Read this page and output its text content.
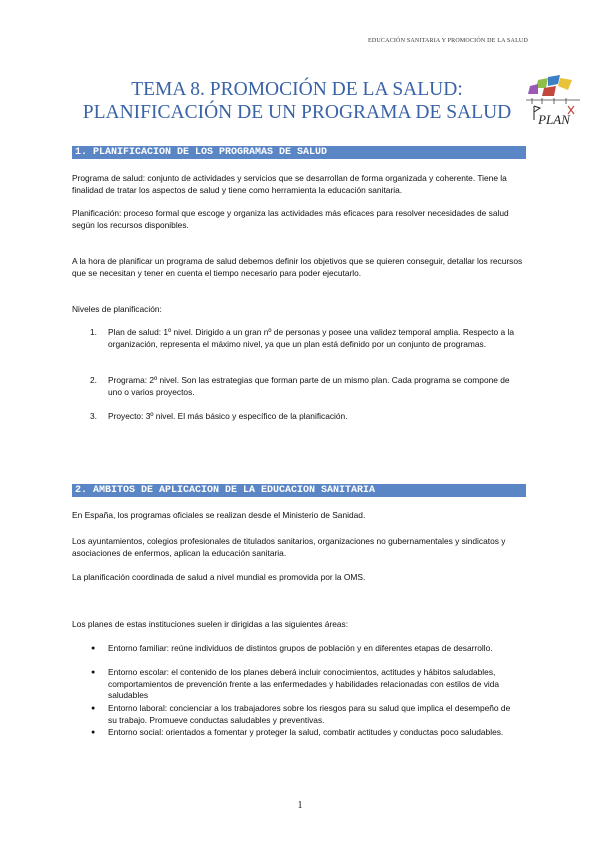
EDUCACIÓN SANITARIA Y PROMOCIÓN DE LA SALUD
TEMA 8. PROMOCIÓN DE LA SALUD:
PLANIFICACIÓN DE UN PROGRAMA DE SALUD	PLAN
1. PLANIFICACION DE LOS PROGRAMAS DE SALUD

Programa de salud: conjunto de actividades y servicios que se desarrollan de forma organizada y coherente. Tiene la finalidad de tratar los aspectos de salud y tiene como herramienta la educación sanitaria.

Planificación: proceso formal que escoge y organiza las actividades más eficaces para resolver necesidades de salud según los recursos disponibles.

A la hora de planificar un programa de salud debemos definir los objetivos que se quieren conseguir, detallar los recursos que se necesitan y tener en cuenta el tiempo necesario para poder ejecutarlo.

Niveles de planificación:

1. Plan de salud: 1º nivel. Dirigido a un gran nº de personas y posee una validez temporal amplia. Respecto a la organización, representa el máximo nivel, ya que un plan está definido por un conjunto de programas.

2. Programa: 2º nivel. Son las estrategias que forman parte de un mismo plan. Cada programa se compone de uno o varios proyectos.

3. Proyecto: 3º nivel. El más básico y específico de la planificación.

2. AMBITOS DE APLICACION DE LA EDUCACION SANITARIA

En España, los programas oficiales se realizan desde el Ministerio de Sanidad.

Los ayuntamientos, colegios profesionales de titulados sanitarios, organizaciones no gubernamentales y sindicatos y asociaciones de enfermos, aplican la educación sanitaria.

La planificación coordinada de salud a nivel mundial es promovida por la OMS.

Los planes de estas instituciones suelen ir dirigidas a las siguientes áreas:

● Entorno familiar: reúne individuos de distintos grupos de población y en diferentes etapas de desarrollo.

● Entorno escolar: el contenido de los planes deberá incluir conocimientos, actitudes y hábitos saludables, comportamientos de prevención frente a las enfermedades y habilidades relacionadas con estilos de vida saludables

● Entorno laboral: concienciar a los trabajadores sobre los riesgos para su salud que implica el desempeño de su trabajo. Promueve conductas saludables y preventivas.

● Entorno social: orientados a fomentar y proteger la salud, combatir actitudes y conductas poco saludables.

1
